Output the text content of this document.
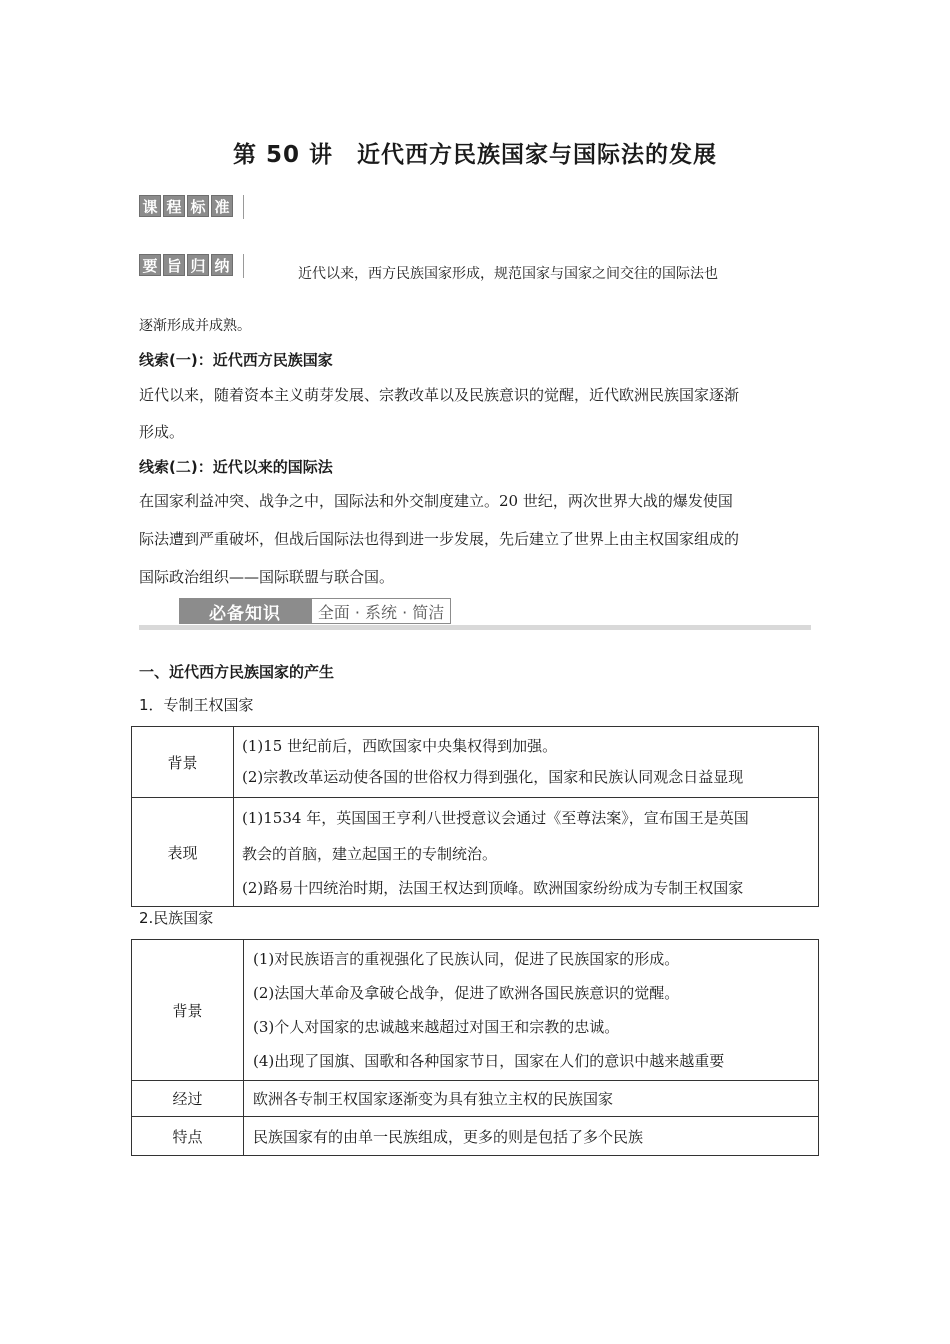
第 50 讲　近代西方民族国家与国际法的发展
课 程 标 准
要 旨 归 纳	近代以来，西方民族国家形成，规范国家与国家之间交往的国际法也
逐渐形成并成熟。
线索(一)：近代西方民族国家
近代以来，随着资本主义萌芽发展、宗教改革以及民族意识的觉醒，近代欧洲民族国家逐渐
形成。
线索(二)：近代以来的国际法
在国家利益冲突、战争之中，国际法和外交制度建立。20 世纪，两次世界大战的爆发使国
际法遭到严重破坏，但战后国际法也得到进一步发展，先后建立了世界上由主权国家组成的
国际政治组织——国际联盟与联合国。
必备知识	全面 · 系统 · 简洁
一、近代西方民族国家的产生
1．专制王权国家
背景	(1)15 世纪前后，西欧国家中央集权得到加强。
(2)宗教改革运动使各国的世俗权力得到强化，国家和民族认同观念日益显现

表现	(1)1534 年，英国国王亨利八世授意议会通过《至尊法案》，宣布国王是英国
教会的首脑，建立起国王的专制统治。
(2)路易十四统治时期，法国王权达到顶峰。欧洲国家纷纷成为专制王权国家
2.民族国家
背景	(1)对民族语言的重视强化了民族认同，促进了民族国家的形成。
(2)法国大革命及拿破仑战争，促进了欧洲各国民族意识的觉醒。
(3)个人对国家的忠诚越来越超过对国王和宗教的忠诚。
(4)出现了国旗、国歌和各种国家节日，国家在人们的意识中越来越重要

经过	欧洲各专制王权国家逐渐变为具有独立主权的民族国家

特点	民族国家有的由单一民族组成，更多的则是包括了多个民族
